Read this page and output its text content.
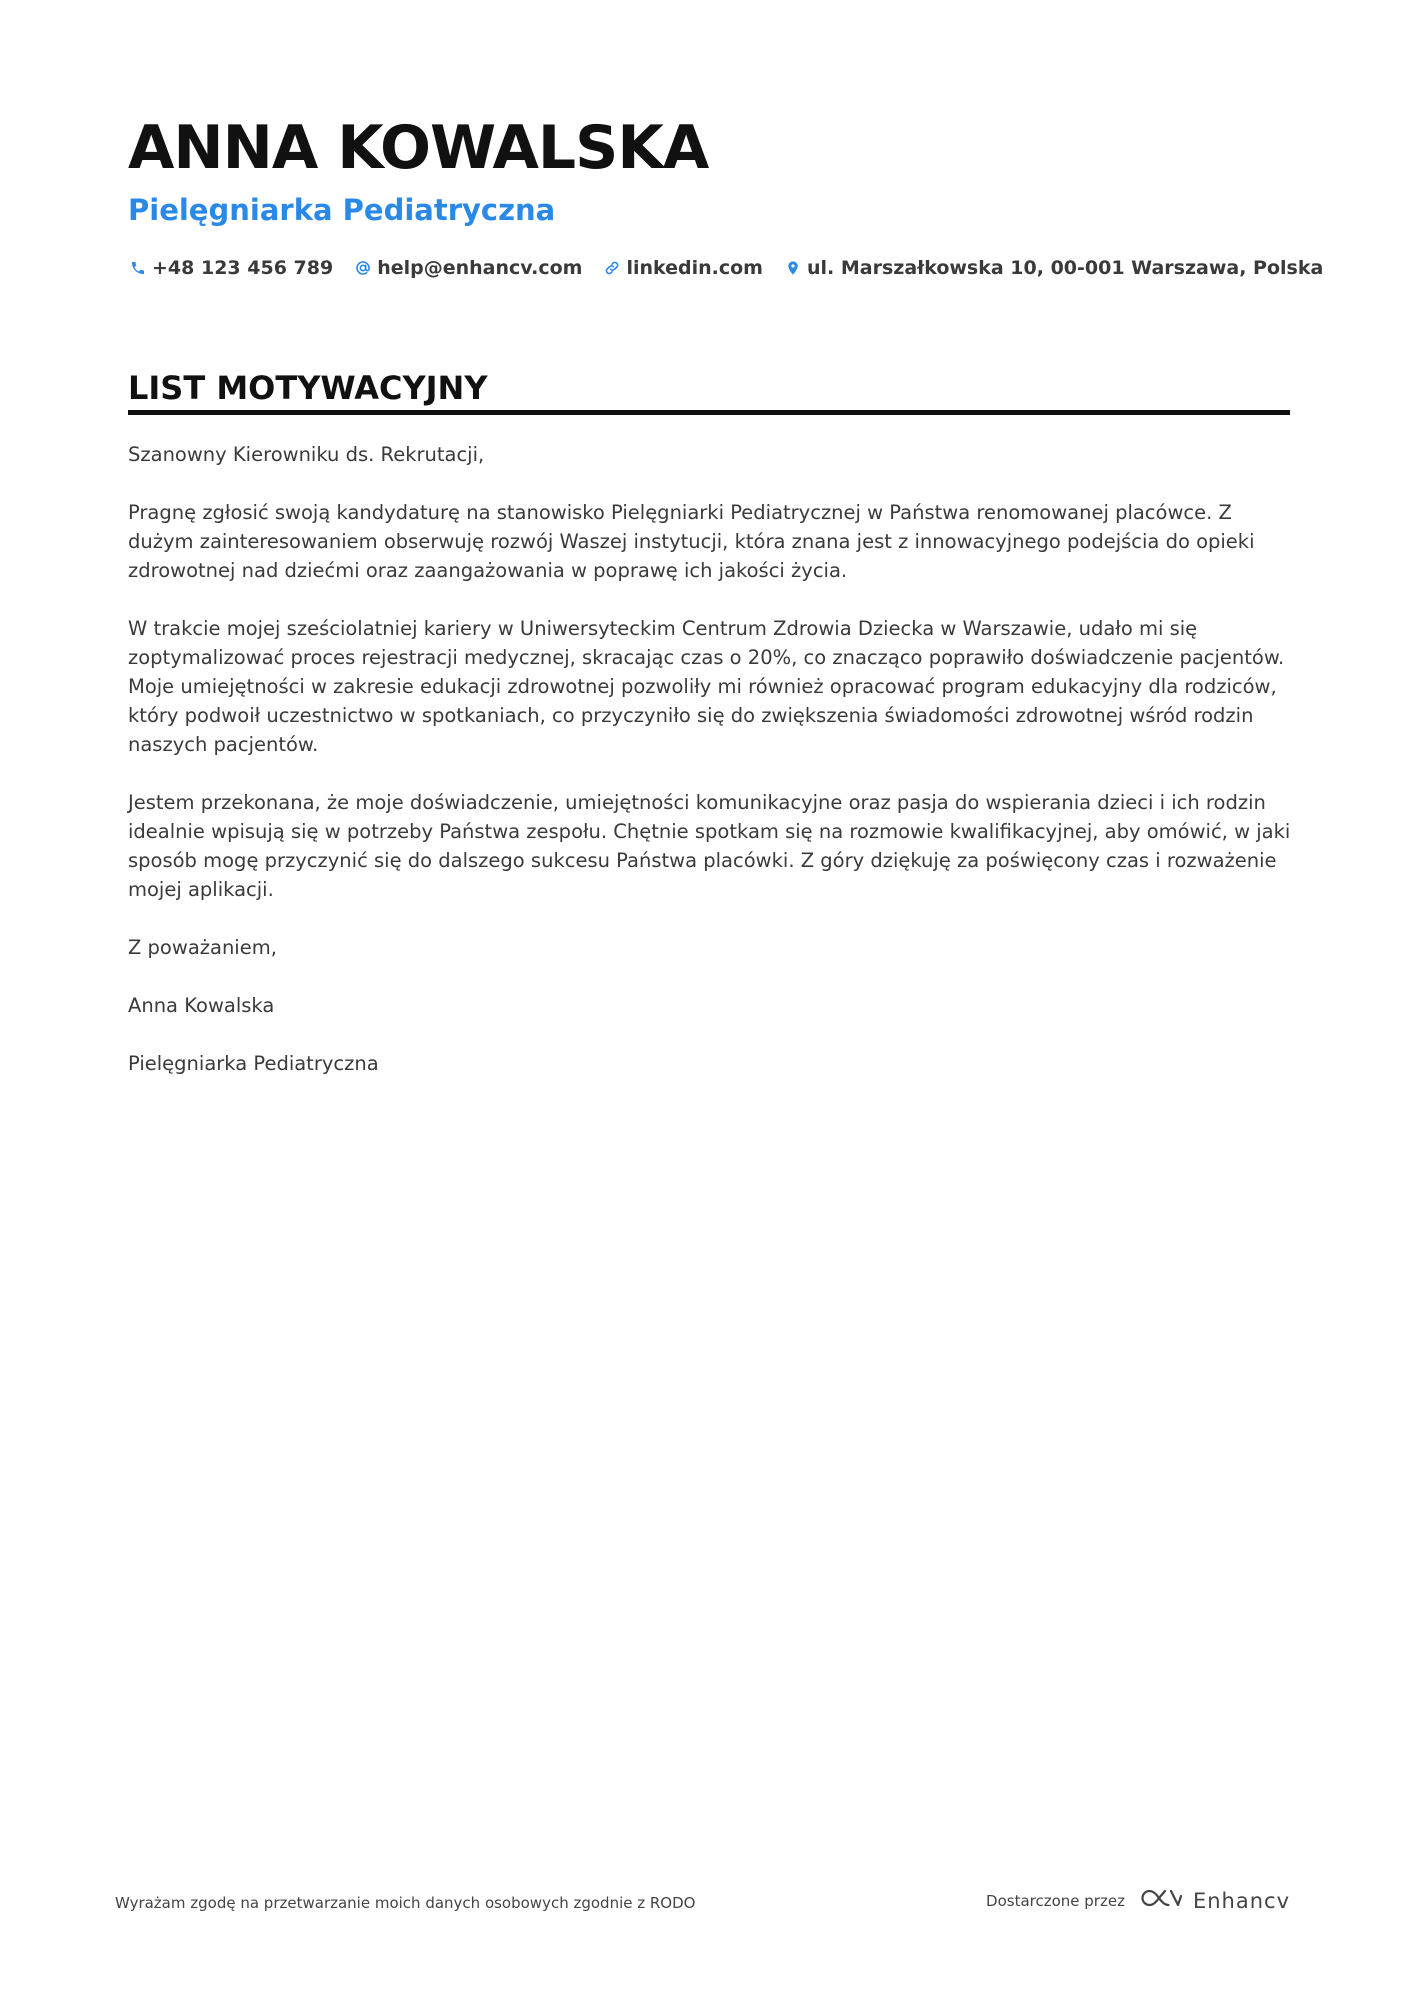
ANNA KOWALSKA
Pielęgniarka Pediatryczna
+48 123 456 789 help@enhancv.com linkedin.com ul. Marszałkowska 10, 00-001 Warszawa, Polska
LIST MOTYWACYJNY

Szanowny Kierowniku ds. Rekrutacji,

Pragnę zgłosić swoją kandydaturę na stanowisko Pielęgniarki Pediatrycznej w Państwa renomowanej placówce. Z dużym zainteresowaniem obserwuję rozwój Waszej instytucji, która znana jest z innowacyjnego podejścia do opieki zdrowotnej nad dziećmi oraz zaangażowania w poprawę ich jakości życia.

W trakcie mojej sześciolatniej kariery w Uniwersyteckim Centrum Zdrowia Dziecka w Warszawie, udało mi się zoptymalizować proces rejestracji medycznej, skracając czas o 20%, co znacząco poprawiło doświadczenie pacjentów. Moje umiejętności w zakresie edukacji zdrowotnej pozwoliły mi również opracować program edukacyjny dla rodziców, który podwoił uczestnictwo w spotkaniach, co przyczyniło się do zwiększenia świadomości zdrowotnej wśród rodzin naszych pacjentów.

Jestem przekonana, że moje doświadczenie, umiejętności komunikacyjne oraz pasja do wspierania dzieci i ich rodzin idealnie wpisują się w potrzeby Państwa zespołu. Chętnie spotkam się na rozmowie kwalifikacyjnej, aby omówić, w jaki sposób mogę przyczynić się do dalszego sukcesu Państwa placówki. Z góry dziękuję za poświęcony czas i rozważenie mojej aplikacji.

Z poważaniem,

Anna Kowalska

Pielęgniarka Pediatryczna

Wyrażam zgodę na przetwarzanie moich danych osobowych zgodnie z RODO	Dostarczone przez	Enhancv
